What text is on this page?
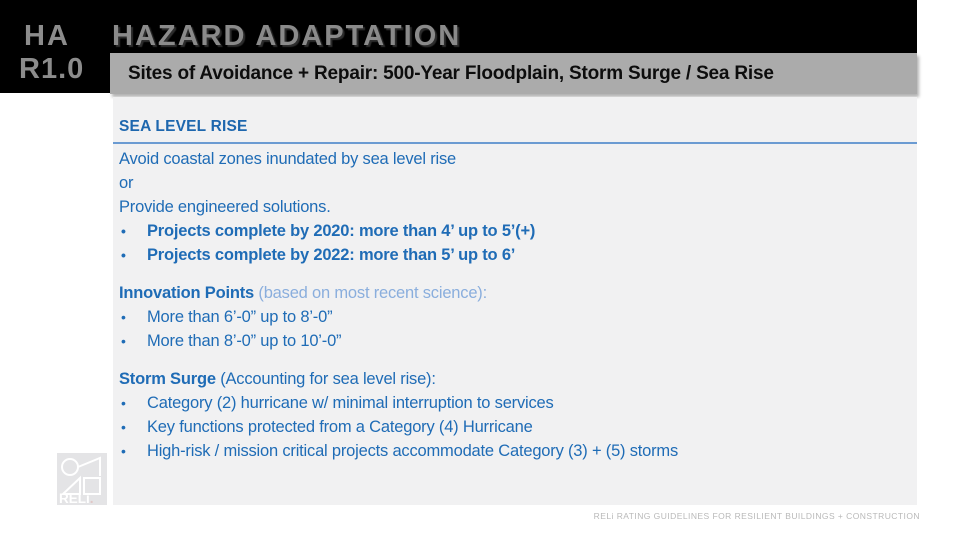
HA
R1.0
HAZARD ADAPTATION
Sites of Avoidance + Repair: 500-Year Floodplain, Storm Surge / Sea Rise
SEA LEVEL RISE

Avoid coastal zones inundated by sea level rise

or

Provide engineered solutions.

•	Projects complete by 2020: more than 4’ up to 5’(+)
•	Projects complete by 2022: more than 5’ up to 6’

Innovation Points (based on most recent science):

•	More than 6’-0” up to 8’-0”
•	More than 8’-0” up to 10’-0”

Storm Surge (Accounting for sea level rise):

•	Category (2) hurricane w/ minimal interruption to services
•	Key functions protected from a Category (4) Hurricane
•	High-risk / mission critical projects accommodate Category (3) + (5) storms
RELi.
RELi RATING GUIDELINES FOR RESILIENT BUILDINGS + CONSTRUCTION
